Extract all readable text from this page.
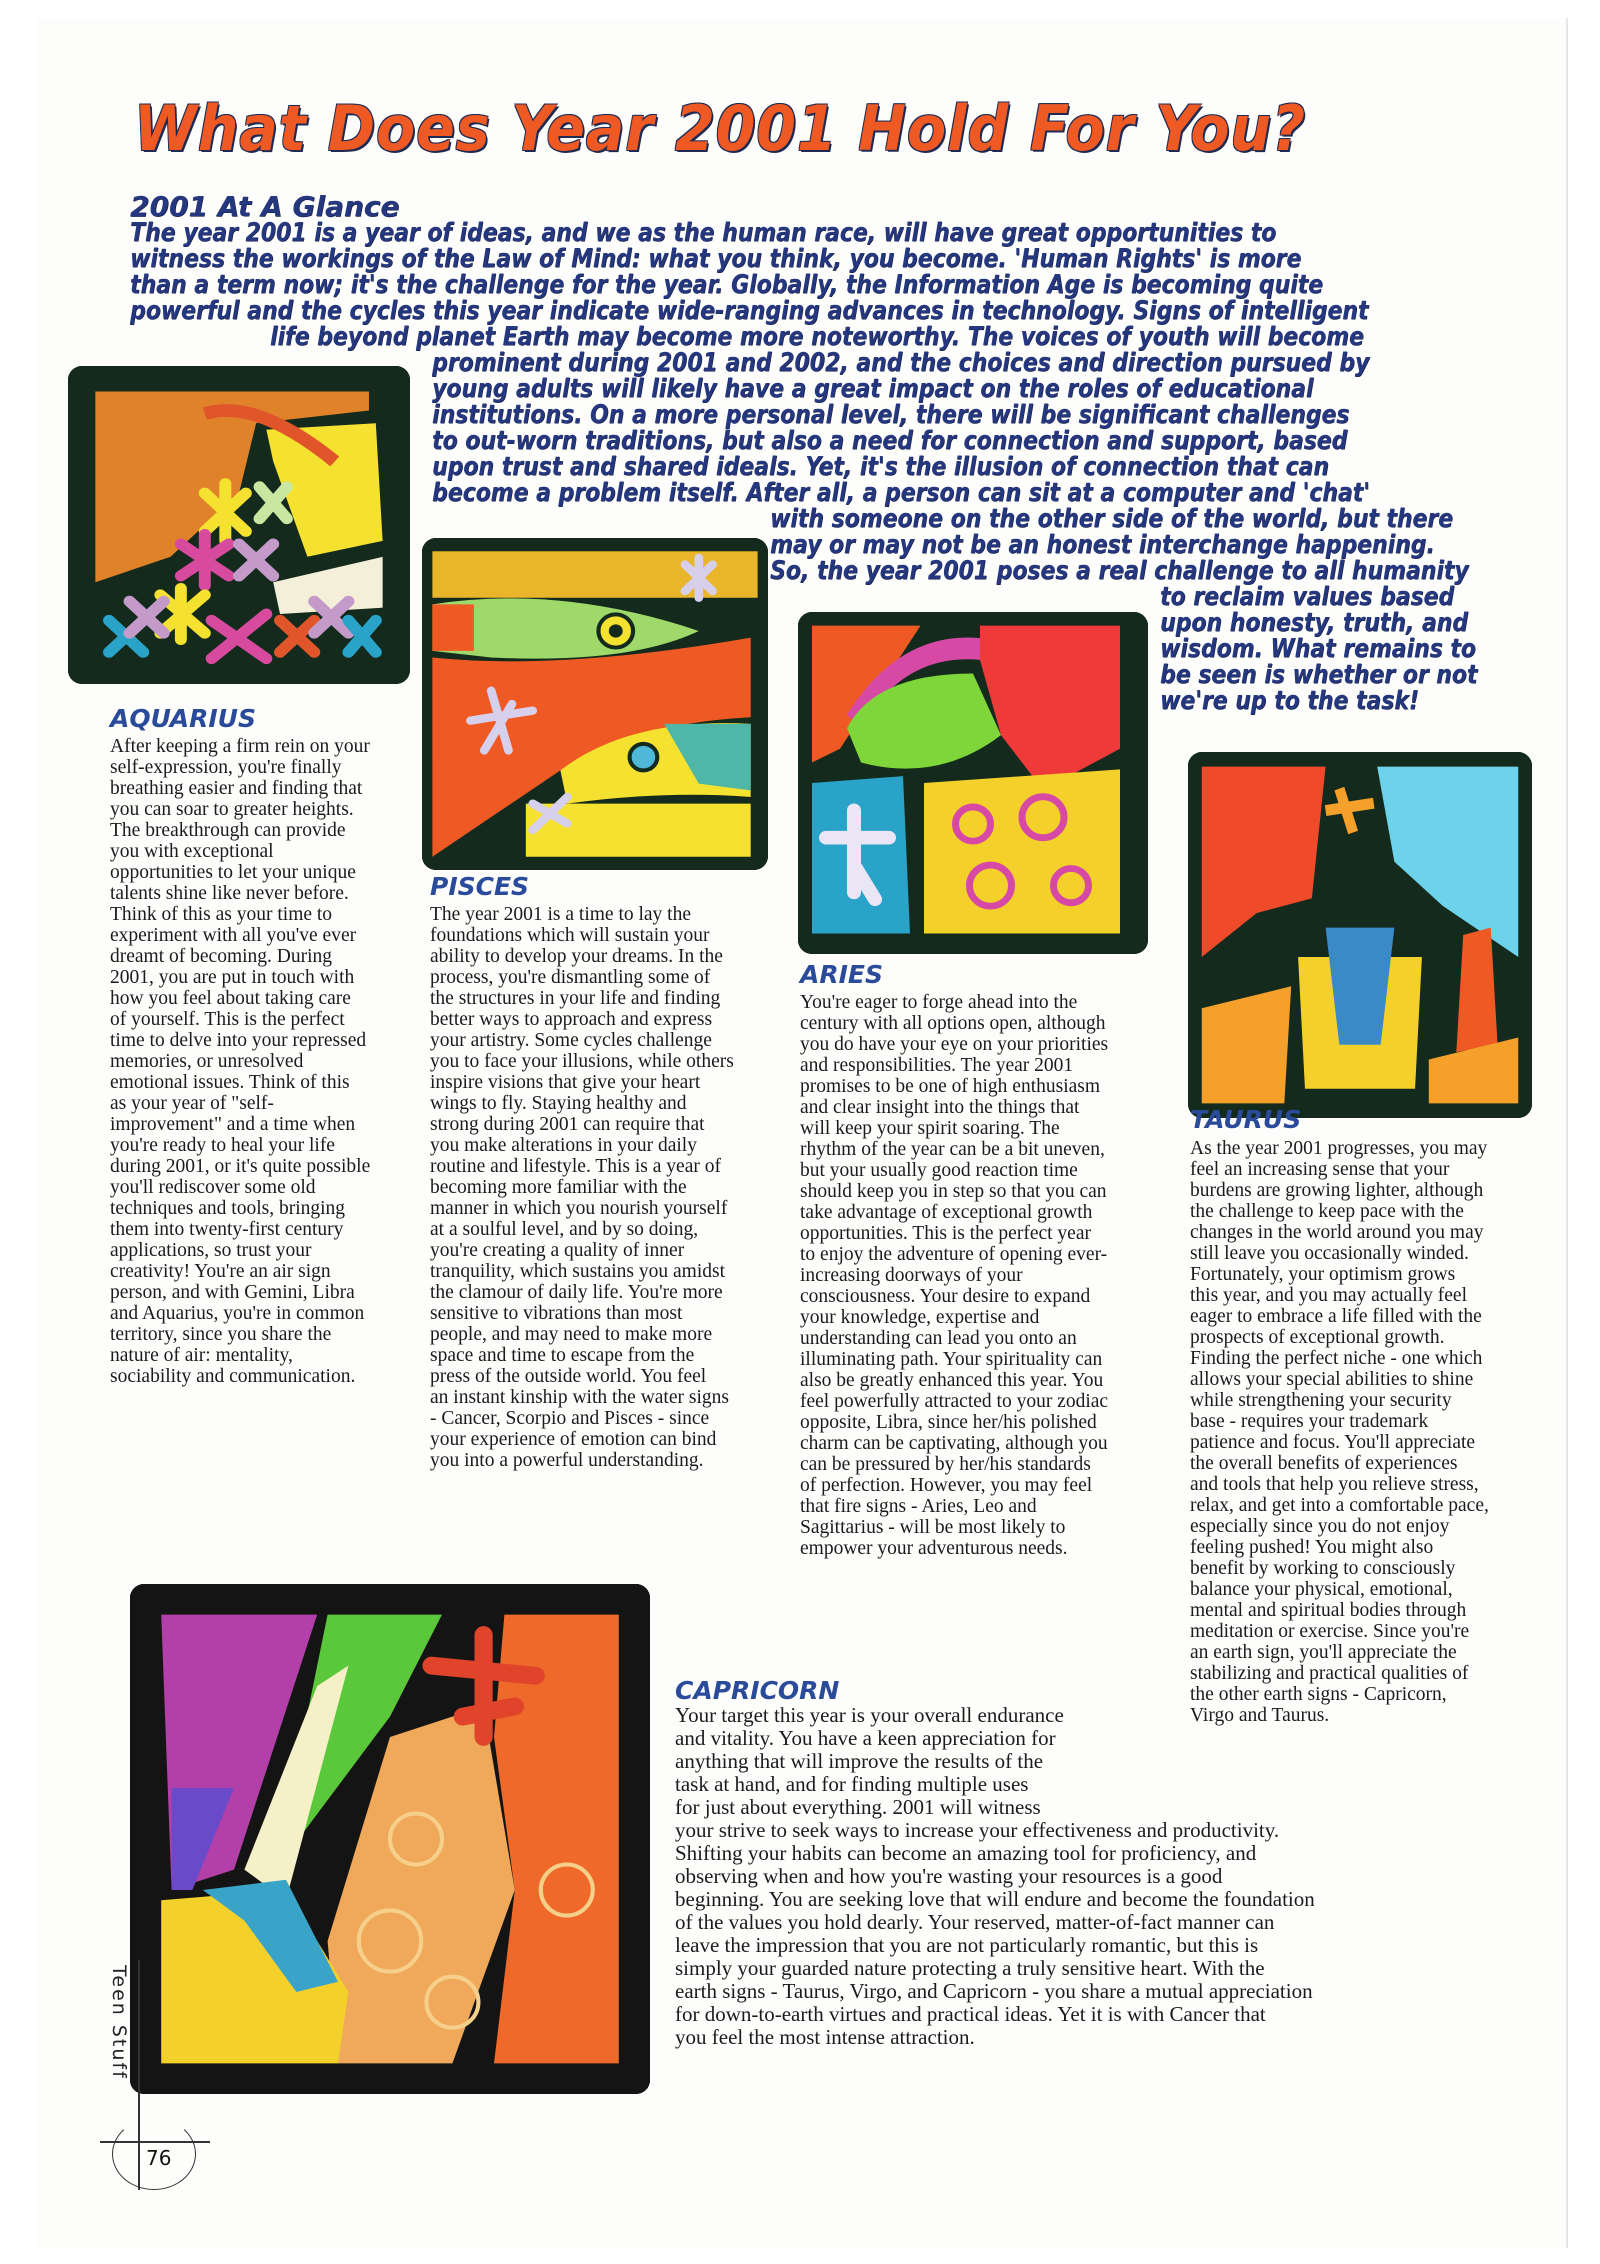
What Does Year 2001 Hold For You?
2001 At A Glance
The year 2001 is a year of ideas, and we as the human race, will have great opportunities to
witness the workings of the Law of Mind: what you think, you become. 'Human Rights' is more
than a term now; it's the challenge for the year. Globally, the Information Age is becoming quite
powerful and the cycles this year indicate wide-ranging advances in technology. Signs of intelligent
life beyond planet Earth may become more noteworthy. The voices of youth will become
prominent during 2001 and 2002, and the choices and direction pursued by
young adults will likely have a great impact on the roles of educational
institutions. On a more personal level, there will be significant challenges
to out-worn traditions, but also a need for connection and support, based
upon trust and shared ideals. Yet, it's the illusion of connection that can
become a problem itself. After all, a person can sit at a computer and 'chat'
with someone on the other side of the world, but there
may or may not be an honest interchange happening.
So, the year 2001 poses a real challenge to all humanity
to reclaim values based
upon honesty, truth, and
wisdom. What remains to
be seen is whether or not
we're up to the task!
AQUARIUS
PISCES
ARIES
TAURUS
CAPRICORN
After keeping a firm rein on your
self-expression, you're finally
breathing easier and finding that
you can soar to greater heights.
The breakthrough can provide
you with exceptional
opportunities to let your unique
talents shine like never before.
Think of this as your time to
experiment with all you've ever
dreamt of becoming. During
2001, you are put in touch with
how you feel about taking care
of yourself. This is the perfect
time to delve into your repressed
memories, or unresolved
emotional issues. Think of this
as your year of "self-
improvement" and a time when
you're ready to heal your life
during 2001, or it's quite possible
you'll rediscover some old
techniques and tools, bringing
them into twenty-first century
applications, so trust your
creativity! You're an air sign
person, and with Gemini, Libra
and Aquarius, you're in common
territory, since you share the
nature of air: mentality,
sociability and communication.
The year 2001 is a time to lay the
foundations which will sustain your
ability to develop your dreams. In the
process, you're dismantling some of
the structures in your life and finding
better ways to approach and express
your artistry. Some cycles challenge
you to face your illusions, while others
inspire visions that give your heart
wings to fly. Staying healthy and
strong during 2001 can require that
you make alterations in your daily
routine and lifestyle. This is a year of
becoming more familiar with the
manner in which you nourish yourself
at a soulful level, and by so doing,
you're creating a quality of inner
tranquility, which sustains you amidst
the clamour of daily life. You're more
sensitive to vibrations than most
people, and may need to make more
space and time to escape from the
press of the outside world. You feel
an instant kinship with the water signs
- Cancer, Scorpio and Pisces - since
your experience of emotion can bind
you into a powerful understanding.
You're eager to forge ahead into the
century with all options open, although
you do have your eye on your priorities
and responsibilities. The year 2001
promises to be one of high enthusiasm
and clear insight into the things that
will keep your spirit soaring. The
rhythm of the year can be a bit uneven,
but your usually good reaction time
should keep you in step so that you can
take advantage of exceptional growth
opportunities. This is the perfect year
to enjoy the adventure of opening ever-
increasing doorways of your
consciousness. Your desire to expand
your knowledge, expertise and
understanding can lead you onto an
illuminating path. Your spirituality can
also be greatly enhanced this year. You
feel powerfully attracted to your zodiac
opposite, Libra, since her/his polished
charm can be captivating, although you
can be pressured by her/his standards
of perfection. However, you may feel
that fire signs - Aries, Leo and
Sagittarius - will be most likely to
empower your adventurous needs.
As the year 2001 progresses, you may
feel an increasing sense that your
burdens are growing lighter, although
the challenge to keep pace with the
changes in the world around you may
still leave you occasionally winded.
Fortunately, your optimism grows
this year, and you may actually feel
eager to embrace a life filled with the
prospects of exceptional growth.
Finding the perfect niche - one which
allows your special abilities to shine
while strengthening your security
base - requires your trademark
patience and focus. You'll appreciate
the overall benefits of experiences
and tools that help you relieve stress,
relax, and get into a comfortable pace,
especially since you do not enjoy
feeling pushed! You might also
benefit by working to consciously
balance your physical, emotional,
mental and spiritual bodies through
meditation or exercise. Since you're
an earth sign, you'll appreciate the
stabilizing and practical qualities of
the other earth signs - Capricorn,
Virgo and Taurus.
Your target this year is your overall endurance
and vitality. You have a keen appreciation for
anything that will improve the results of the
task at hand, and for finding multiple uses
for just about everything. 2001 will witness
your strive to seek ways to increase your effectiveness and productivity.
Shifting your habits can become an amazing tool for proficiency, and
observing when and how you're wasting your resources is a good
beginning. You are seeking love that will endure and become the foundation
of the values you hold dearly. Your reserved, matter-of-fact manner can
leave the impression that you are not particularly romantic, but this is
simply your guarded nature protecting a truly sensitive heart. With the
earth signs - Taurus, Virgo, and Capricorn - you share a mutual appreciation
for down-to-earth virtues and practical ideas. Yet it is with Cancer that
you feel the most intense attraction.
Teen Stuff
76
